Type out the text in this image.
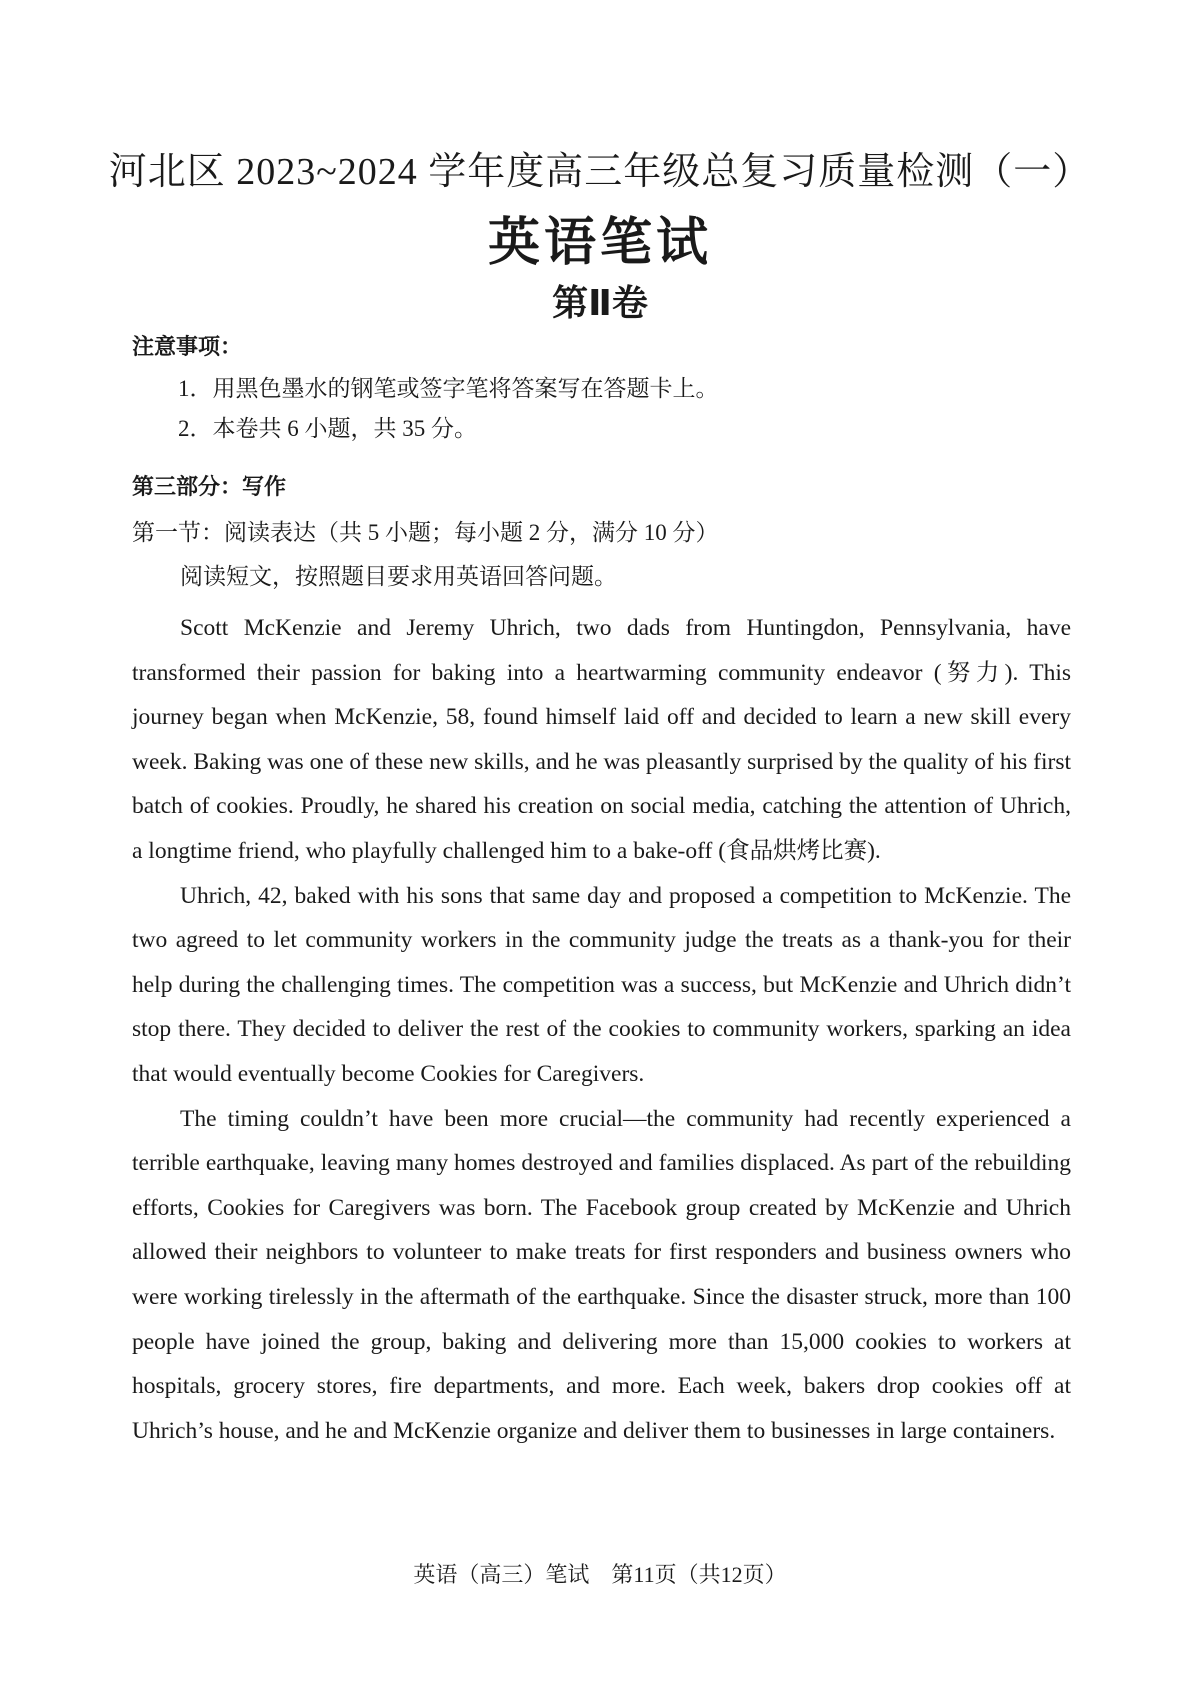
河北区 2023~2024 学年度高三年级总复习质量检测（一）
英语笔试
第Ⅱ卷
注意事项：
1．用黑色墨水的钢笔或签字笔将答案写在答题卡上。
2．本卷共 6 小题，共 35 分。
第三部分：写作
第一节：阅读表达（共 5 小题；每小题 2 分，满分 10 分）
阅读短文，按照题目要求用英语回答问题。

Scott McKenzie and Jeremy Uhrich, two dads from Huntingdon, Pennsylvania, have transformed their passion for baking into a heartwarming community endeavor (努力). This journey began when McKenzie, 58, found himself laid off and decided to learn a new skill every week. Baking was one of these new skills, and he was pleasantly surprised by the quality of his first batch of cookies. Proudly, he shared his creation on social media, catching the attention of Uhrich, a longtime friend, who playfully challenged him to a bake-off (食品烘烤比赛).

Uhrich, 42, baked with his sons that same day and proposed a competition to McKenzie. The two agreed to let community workers in the community judge the treats as a thank-you for their help during the challenging times. The competition was a success, but McKenzie and Uhrich didn’t stop there. They decided to deliver the rest of the cookies to community workers, sparking an idea that would eventually become Cookies for Caregivers.

The timing couldn’t have been more crucial—the community had recently experienced a terrible earthquake, leaving many homes destroyed and families displaced. As part of the rebuilding efforts, Cookies for Caregivers was born. The Facebook group created by McKenzie and Uhrich allowed their neighbors to volunteer to make treats for first responders and business owners who were working tirelessly in the aftermath of the earthquake. Since the disaster struck, more than 100 people have joined the group, baking and delivering more than 15,000 cookies to workers at hospitals, grocery stores, fire departments, and more. Each week, bakers drop cookies off at Uhrich’s house, and he and McKenzie organize and deliver them to businesses in large containers.

英语（高三）笔试　第11页（共12页）
